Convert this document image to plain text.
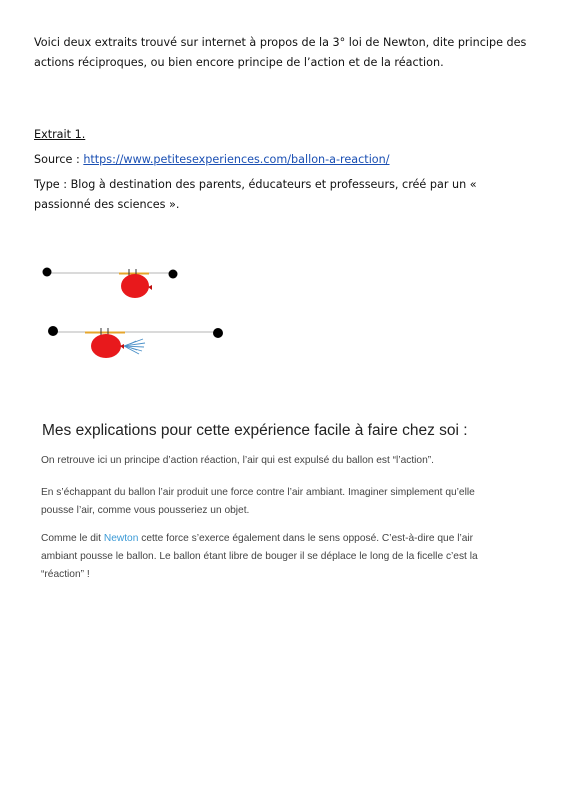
Voici deux extraits trouvé sur internet à propos de la 3° loi de Newton, dite principe des actions réciproques, ou bien encore principe de l’action et de la réaction.

Extrait 1.

Source : https://www.petitesexperiences.com/ballon-a-reaction/

Type : Blog à destination des parents, éducateurs et professeurs, créé par un « passionné des sciences ».

Mes explications pour cette expérience facile à faire chez soi :

On retrouve ici un principe d’action réaction, l’air qui est expulsé du ballon est “l’action”.

En s’échappant du ballon l’air produit une force contre l’air ambiant. Imaginer simplement qu’elle pousse l’air, comme vous pousseriez un objet.

Comme le dit Newton cette force s’exerce également dans le sens opposé. C’est-à-dire que l’air ambiant pousse le ballon. Le ballon étant libre de bouger il se déplace le long de la ficelle c’est la “réaction” !
